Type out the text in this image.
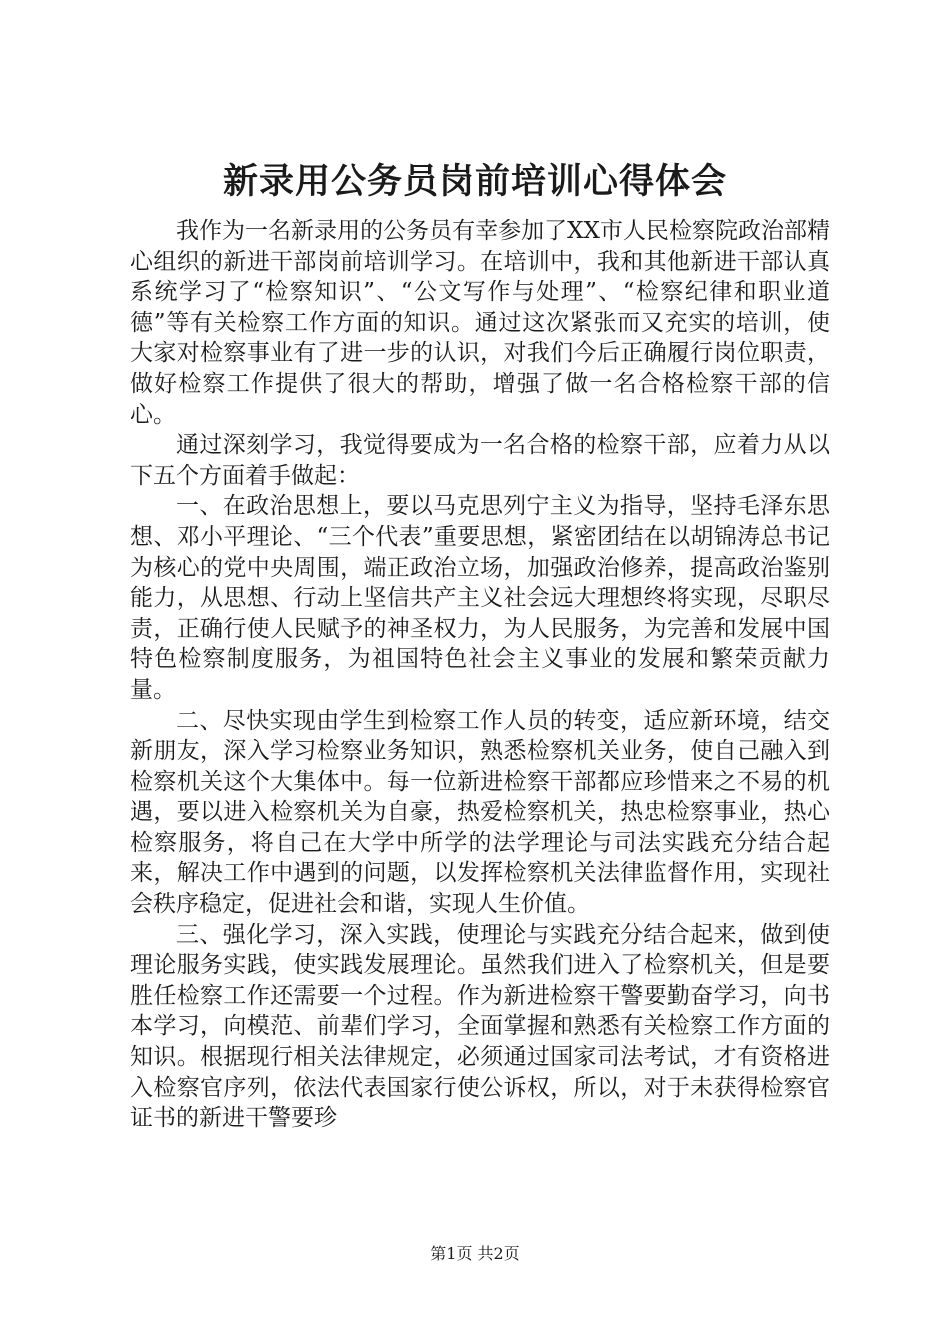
新录用公务员岗前培训心得体会

我作为一名新录用的公务员有幸参加了XX市人民检察院政治部精心组织的新进干部岗前培训学习。在培训中，我和其他新进干部认真系统学习了“检察知识”、“公文写作与处理”、“检察纪律和职业道德”等有关检察工作方面的知识。通过这次紧张而又充实的培训，使大家对检察事业有了进一步的认识，对我们今后正确履行岗位职责，做好检察工作提供了很大的帮助，增强了做一名合格检察干部的信心。

通过深刻学习，我觉得要成为一名合格的检察干部，应着力从以下五个方面着手做起：

一、在政治思想上，要以马克思列宁主义为指导，坚持毛泽东思想、邓小平理论、“三个代表”重要思想，紧密团结在以胡锦涛总书记为核心的党中央周围，端正政治立场，加强政治修养，提高政治鉴别能力，从思想、行动上坚信共产主义社会远大理想终将实现，尽职尽责，正确行使人民赋予的神圣权力，为人民服务，为完善和发展中国特色检察制度服务，为祖国特色社会主义事业的发展和繁荣贡献力量。

二、尽快实现由学生到检察工作人员的转变，适应新环境，结交新朋友，深入学习检察业务知识，熟悉检察机关业务，使自己融入到检察机关这个大集体中。每一位新进检察干部都应珍惜来之不易的机遇，要以进入检察机关为自豪，热爱检察机关，热忠检察事业，热心检察服务，将自己在大学中所学的法学理论与司法实践充分结合起来，解决工作中遇到的问题，以发挥检察机关法律监督作用，实现社会秩序稳定，促进社会和谐，实现人生价值。

三、强化学习，深入实践，使理论与实践充分结合起来，做到使理论服务实践，使实践发展理论。虽然我们进入了检察机关，但是要胜任检察工作还需要一个过程。作为新进检察干警要勤奋学习，向书本学习，向模范、前辈们学习，全面掌握和熟悉有关检察工作方面的知识。根据现行相关法律规定，必须通过国家司法考试，才有资格进入检察官序列，依法代表国家行使公诉权，所以，对于未获得检察官证书的新进干警要珍

第1页 共2页
